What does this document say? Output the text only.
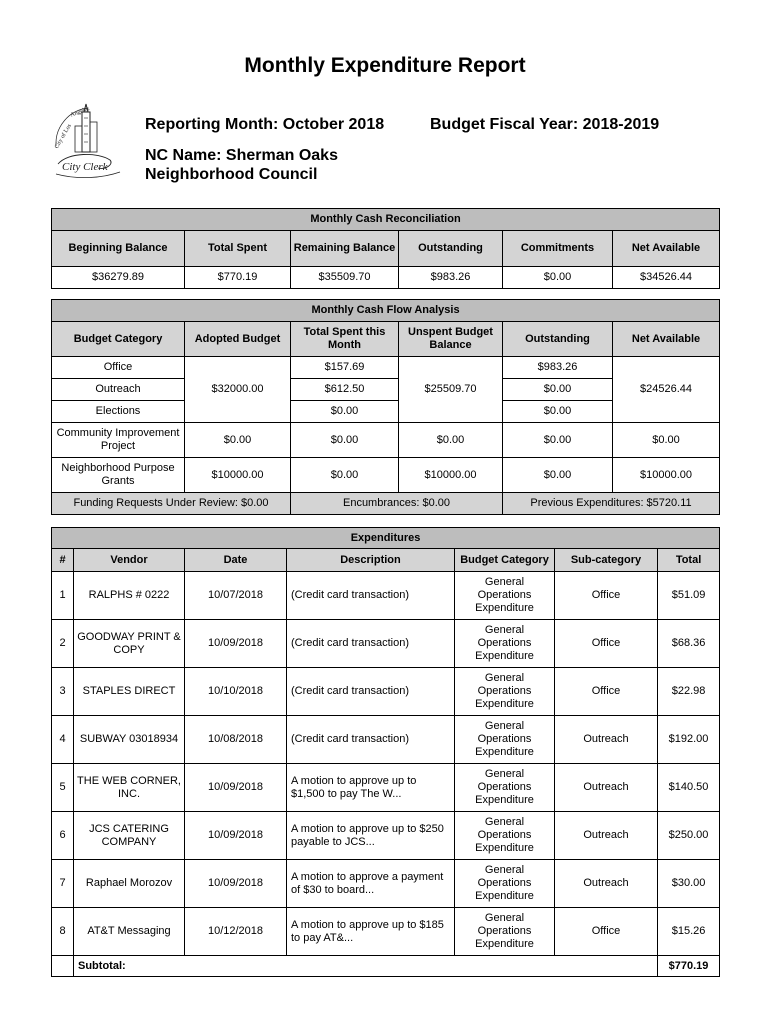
Monthly Expenditure Report
City of Los
Angeles
City Clerk
Reporting Month: October 2018	Budget Fiscal Year: 2018-2019
NC Name: Sherman Oaks
Neighborhood Council
Monthly Cash Reconciliation					
Beginning Balance	Total Spent	Remaining Balance	Outstanding	Commitments	Net Available
$36279.89	$770.19	$35509.70	$983.26	$0.00	$34526.44
Monthly Cash Flow Analysis					
Budget Category	Adopted Budget	Total Spent this Month	Unspent Budget Balance	Outstanding	Net Available
Office	$32000.00	$157.69	$25509.70	$983.26	$24526.44
Outreach		$612.50		$0.00	
Elections		$0.00		$0.00	
Community Improvement Project	$0.00	$0.00	$0.00	$0.00	$0.00
Neighborhood Purpose Grants	$10000.00	$0.00	$10000.00	$0.00	$10000.00
Funding Requests Under Review: $0.00		Encumbrances: $0.00		Previous Expenditures: $5720.11	
Expenditures						
#	Vendor	Date	Description	Budget Category	Sub-category	Total
1	RALPHS # 0222	10/07/2018	(Credit card transaction)	General Operations Expenditure	Office	$51.09
2	GOODWAY PRINT & COPY	10/09/2018	(Credit card transaction)	General Operations Expenditure	Office	$68.36
3	STAPLES DIRECT	10/10/2018	(Credit card transaction)	General Operations Expenditure	Office	$22.98
4	SUBWAY 03018934	10/08/2018	(Credit card transaction)	General Operations Expenditure	Outreach	$192.00
5	THE WEB CORNER, INC.	10/09/2018	A motion to approve up to $1,500 to pay The W...	General Operations Expenditure	Outreach	$140.50
6	JCS CATERING COMPANY	10/09/2018	A motion to approve up to $250 payable to JCS...	General Operations Expenditure	Outreach	$250.00
7	Raphael Morozov	10/09/2018	A motion to approve a payment of $30 to board...	General Operations Expenditure	Outreach	$30.00
8	AT&T Messaging	10/12/2018	A motion to approve up to $185 to pay AT&...	General Operations Expenditure	Office	$15.26
	Subtotal:					$770.19
